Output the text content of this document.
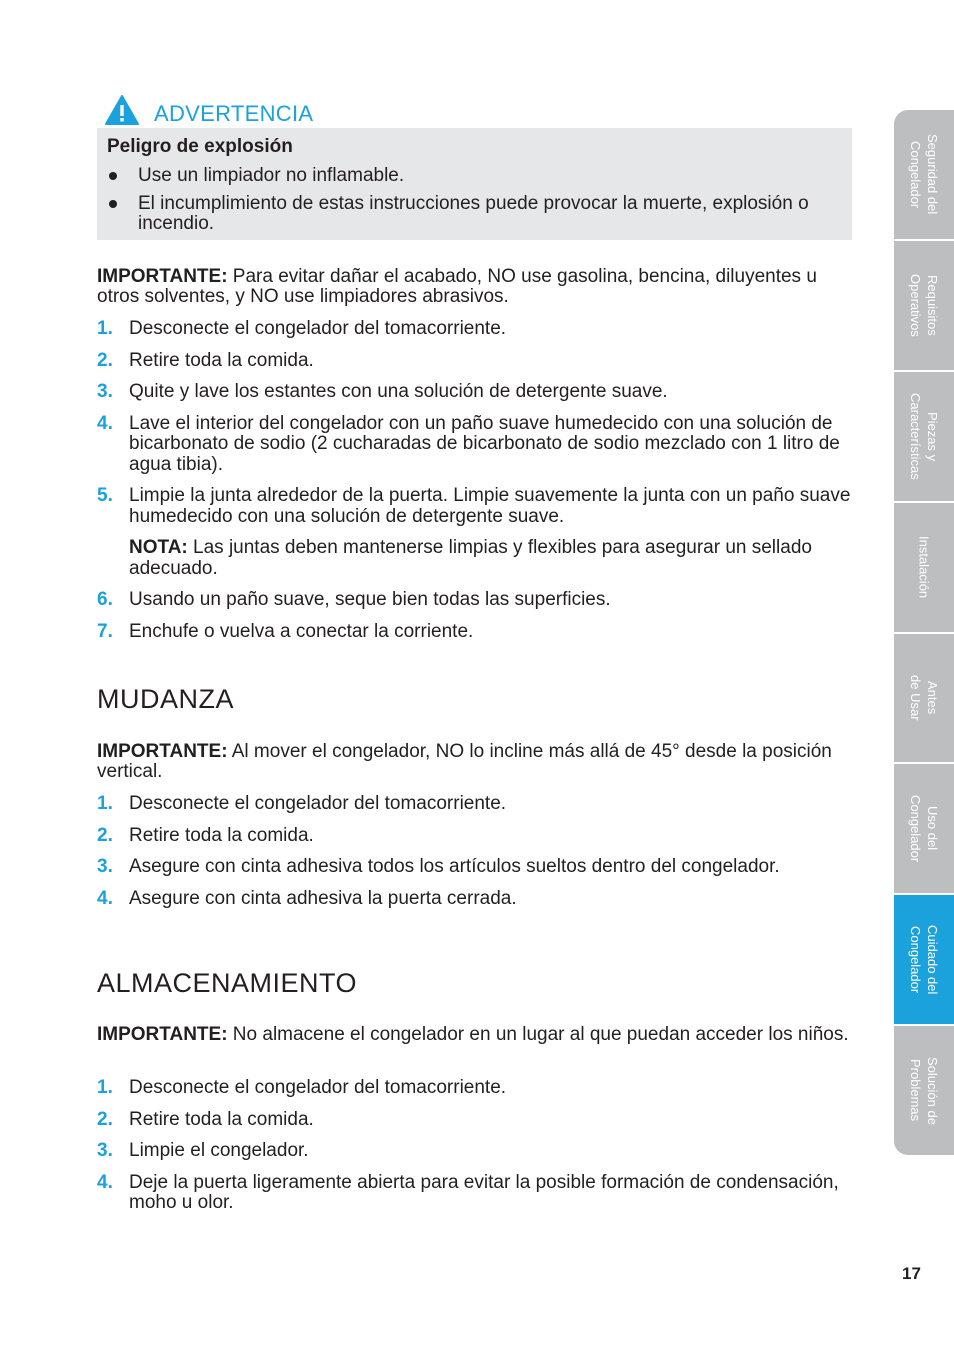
ADVERTENCIA
Peligro de explosión
Use un limpiador no inflamable.
El incumplimiento de estas instrucciones puede provocar la muerte, explosión o incendio.
IMPORTANTE: Para evitar dañar el acabado, NO use gasolina, bencina, diluyentes u otros solventes, y NO use limpiadores abrasivos.
1. Desconecte el congelador del tomacorriente.
2. Retire toda la comida.
3. Quite y lave los estantes con una solución de detergente suave.
4. Lave el interior del congelador con un paño suave humedecido con una solución de bicarbonato de sodio (2 cucharadas de bicarbonato de sodio mezclado con 1 litro de agua tibia).
5. Limpie la junta alrededor de la puerta. Limpie suavemente la junta con un paño suave humedecido con una solución de detergente suave.
NOTA: Las juntas deben mantenerse limpias y flexibles para asegurar un sellado adecuado.
6. Usando un paño suave, seque bien todas las superficies.
7. Enchufe o vuelva a conectar la corriente.
MUDANZA
IMPORTANTE: Al mover el congelador, NO lo incline más allá de 45° desde la posición vertical.
1. Desconecte el congelador del tomacorriente.
2. Retire toda la comida.
3. Asegure con cinta adhesiva todos los artículos sueltos dentro del congelador.
4. Asegure con cinta adhesiva la puerta cerrada.
ALMACENAMIENTO
IMPORTANTE: No almacene el congelador en un lugar al que puedan acceder los niños.
1. Desconecte el congelador del tomacorriente.
2. Retire toda la comida.
3. Limpie el congelador.
4. Deje la puerta ligeramente abierta para evitar la posible formación de condensación, moho u olor.
Seguridad del
Congelador
Requisitos
Operativos
Piezas y
Características
Instalación
Antes
de Usar
Uso del
Congelador
Cuidado del
Congelador
Solución de
Problemas
17
